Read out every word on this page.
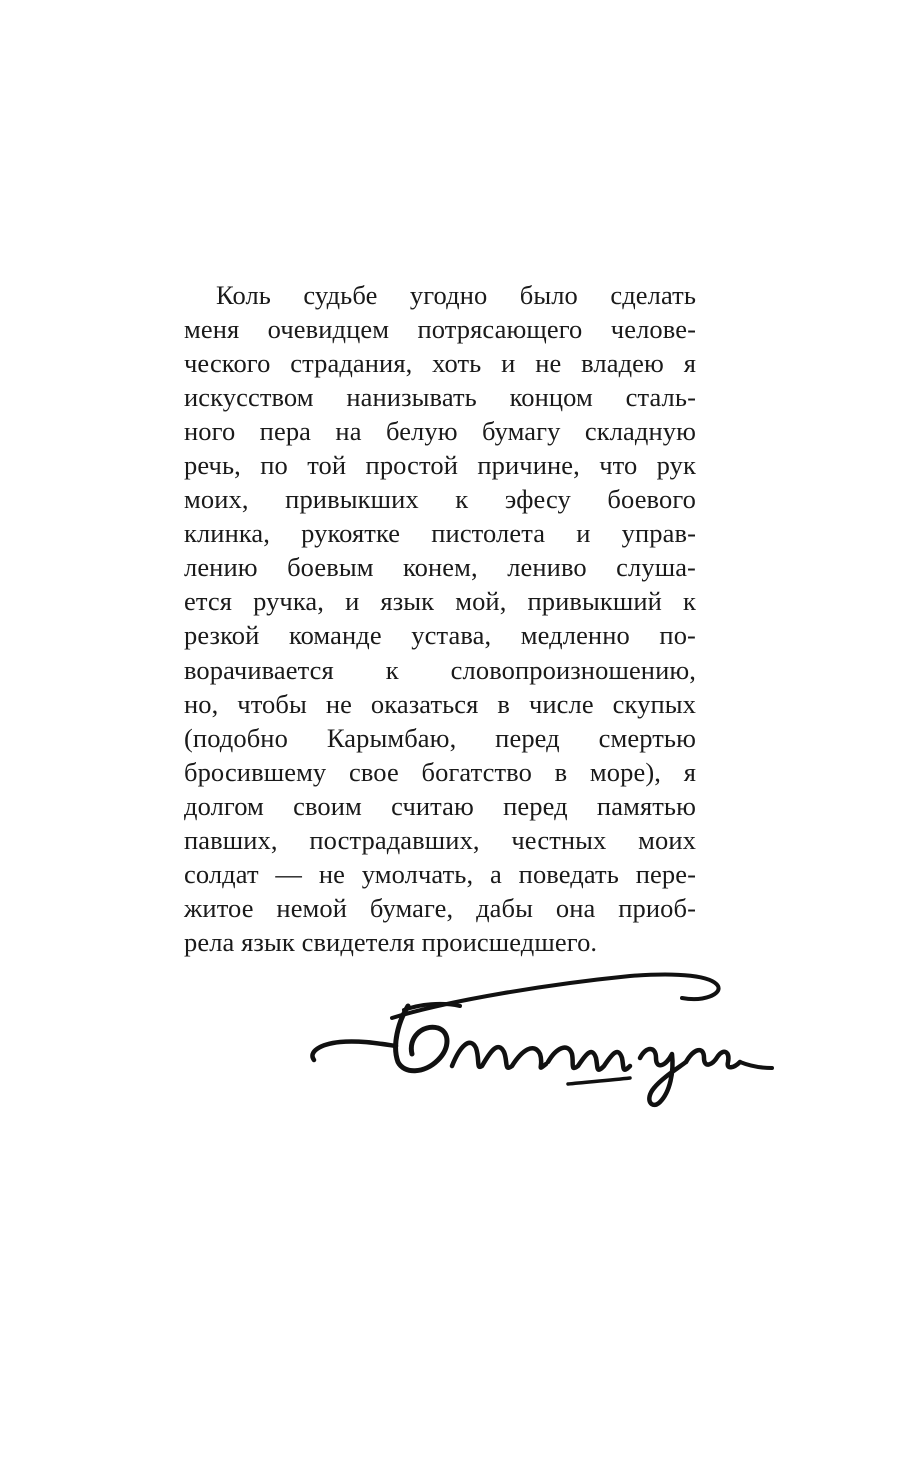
Коль судьбе угодно было сделать
меня очевидцем потрясающего челове-
ческого страдания, хоть и не владею я
искусством нанизывать концом сталь-
ного пера на белую бумагу складную
речь, по той простой причине, что рук
моих, привыкших к эфесу боевого
клинка, рукоятке пистолета и управ-
лению боевым конем, лениво слуша-
ется ручка, и язык мой, привыкший к
резкой команде устава, медленно по-
ворачивается к словопроизношению,
но, чтобы не оказаться в числе скупых
(подобно Карымбаю, перед смертью
бросившему свое богатство в море), я
долгом своим считаю перед памятью
павших, пострадавших, честных моих
солдат — не умолчать, а поведать пере-
житое немой бумаге, дабы она приоб-
рела язык свидетеля происшедшего.
